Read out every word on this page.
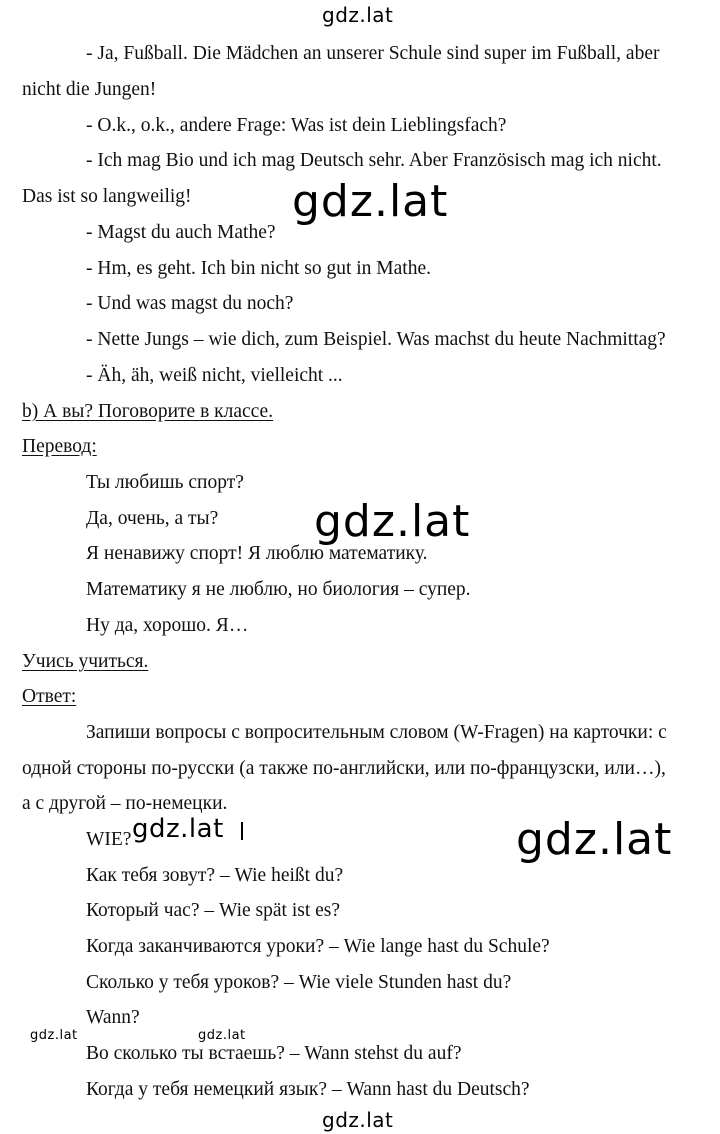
gdz.lat
gdz.lat
gdz.lat
gdz.lat
gdz.lat
gdz.lat	gdz.lat
gdz.lat
- Ja, Fußball. Die Mädchen an unserer Schule sind super im Fußball, aber
nicht die Jungen!
- O.k., o.k., andere Frage: Was ist dein Lieblingsfach?
- Ich mag Bio und ich mag Deutsch sehr. Aber Französisch mag ich nicht.
Das ist so langweilig!
- Magst du auch Mathe?
- Hm, es geht. Ich bin nicht so gut in Mathe.
- Und was magst du noch?
- Nette Jungs – wie dich, zum Beispiel. Was machst du heute Nachmittag?
- Äh, äh, weiß nicht, vielleicht ...
b) А вы? Поговорите в классе.
Перевод:
Ты любишь спорт?
Да, очень, а ты?
Я ненавижу спорт! Я люблю математику.
Математику я не люблю, но биология – супер.
Ну да, хорошо. Я…
Учись учиться.
Ответ:
Запиши вопросы с вопросительным словом (W-Fragen) на карточки: с
одной стороны по-русски (а также по-английски, или по-французски, или…),
а с другой – по-немецки.
WIE?
Как тебя зовут? – Wie heißt du?
Который час? – Wie spät ist es?
Когда заканчиваются уроки? – Wie lange hast du Schule?
Сколько у тебя уроков? – Wie viele Stunden hast du?
Wann?
Во сколько ты встаешь? – Wann stehst du auf?
Когда у тебя немецкий язык? – Wann hast du Deutsch?
